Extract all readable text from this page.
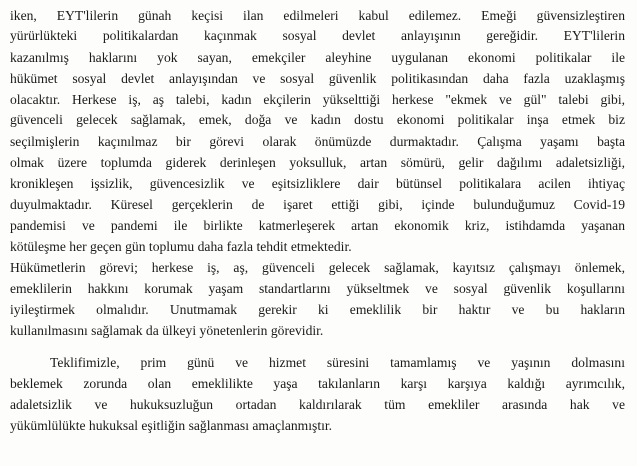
iken, EYT'lilerin günah keçisi ilan edilmeleri kabul edilemez. Emeği güvensizleştiren
yürürlükteki politikalardan kaçınmak sosyal devlet anlayışının gereğidir. EYT'lilerin
kazanılmış haklarını yok sayan, emekçiler aleyhine uygulanan ekonomi politikalar ile
hükümet sosyal devlet anlayışından ve sosyal güvenlik politikasından daha fazla uzaklaşmış
olacaktır. Herkese iş, aş talebi, kadın ekçilerin yükselttiği herkese "ekmek ve gül" talebi gibi,
güvenceli gelecek sağlamak, emek, doğa ve kadın dostu ekonomi politikalar inşa etmek biz
seçilmişlerin kaçınılmaz bir görevi olarak önümüzde durmaktadır. Çalışma yaşamı başta
olmak üzere toplumda giderek derinleşen yoksulluk, artan sömürü, gelir dağılımı adaletsizliği,
kronikleşen işsizlik, güvencesizlik ve eşitsizliklere dair bütünsel politikalara acilen ihtiyaç
duyulmaktadır. Küresel gerçeklerin de işaret ettiği gibi, içinde bulunduğumuz Covid-19
pandemisi ve pandemi ile birlikte katmerleşerek artan ekonomik kriz, istihdamda yaşanan
kötüleşme her geçen gün toplumu daha fazla tehdit etmektedir.
Hükümetlerin görevi; herkese iş, aş, güvenceli gelecek sağlamak, kayıtsız çalışmayı önlemek,
emeklilerin hakkını korumak yaşam standartlarını yükseltmek ve sosyal güvenlik koşullarını
iyileştirmek olmalıdır. Unutmamak gerekir ki emeklilik bir haktır ve bu hakların
kullanılmasını sağlamak da ülkeyi yönetenlerin görevidir.
Teklifimizle, prim günü ve hizmet süresini tamamlamış ve yaşının dolmasını
beklemek zorunda olan emeklilikte yaşa takılanların karşı karşıya kaldığı ayrımcılık,
adaletsizlik ve hukuksuzluğun ortadan kaldırılarak tüm emekliler arasında hak ve
yükümlülükte hukuksal eşitliğin sağlanması amaçlanmıştır.
